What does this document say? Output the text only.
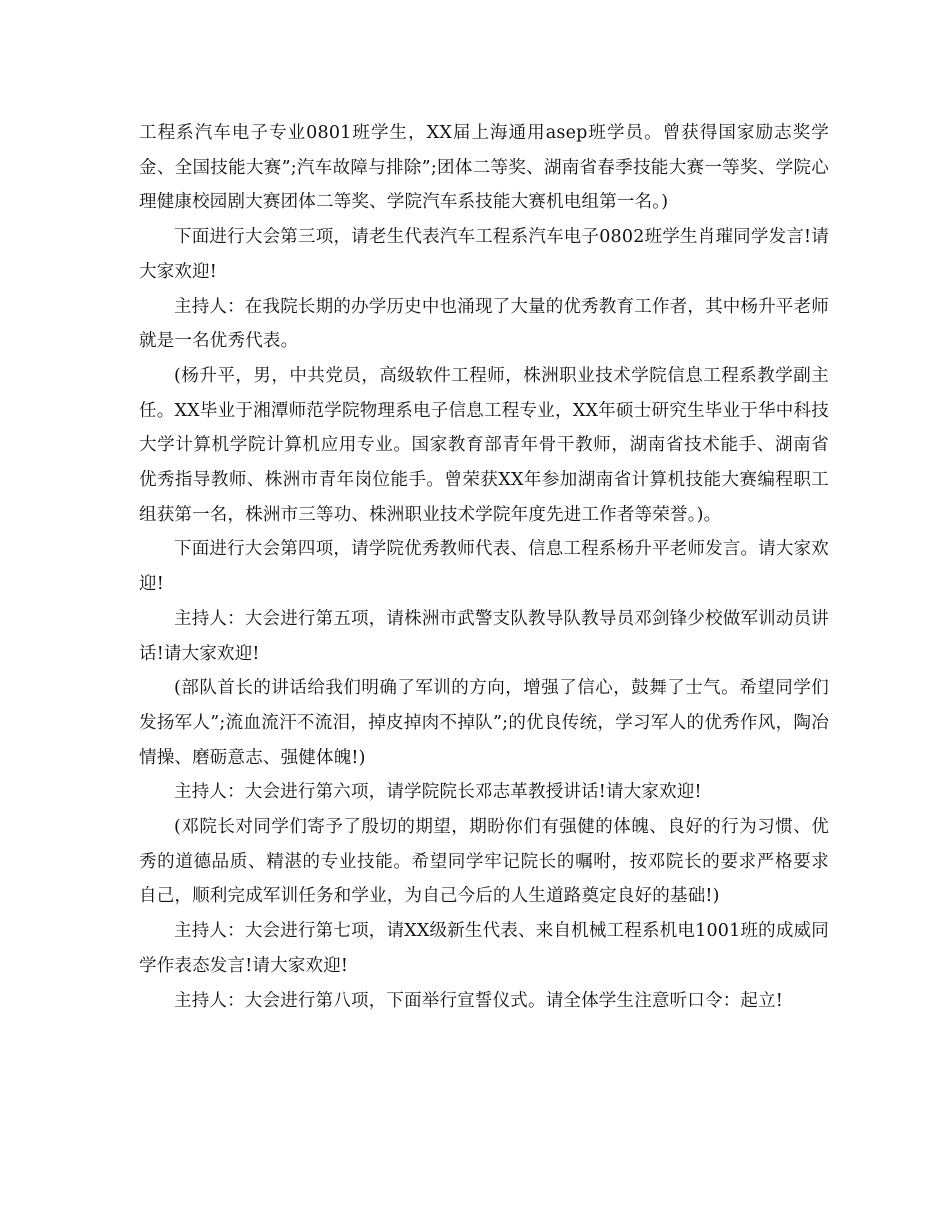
工程系汽车电子专业0801班学生，XX届上海通用asep班学员。曾获得国家励志奖学金、全国技能大赛”;汽车故障与排除”;团体二等奖、湖南省春季技能大赛一等奖、学院心理健康校园剧大赛团体二等奖、学院汽车系技能大赛机电组第一名。)

下面进行大会第三项，请老生代表汽车工程系汽车电子0802班学生肖璀同学发言!请大家欢迎!

主持人：在我院长期的办学历史中也涌现了大量的优秀教育工作者，其中杨升平老师就是一名优秀代表。

(杨升平，男，中共党员，高级软件工程师，株洲职业技术学院信息工程系教学副主任。XX毕业于湘潭师范学院物理系电子信息工程专业，XX年硕士研究生毕业于华中科技大学计算机学院计算机应用专业。国家教育部青年骨干教师，湖南省技术能手、湖南省优秀指导教师、株洲市青年岗位能手。曾荣获XX年参加湖南省计算机技能大赛编程职工组获第一名，株洲市三等功、株洲职业技术学院年度先进工作者等荣誉。)。

下面进行大会第四项，请学院优秀教师代表、信息工程系杨升平老师发言。请大家欢迎!

主持人：大会进行第五项，请株洲市武警支队教导队教导员邓剑锋少校做军训动员讲话!请大家欢迎!

(部队首长的讲话给我们明确了军训的方向，增强了信心，鼓舞了士气。希望同学们发扬军人”;流血流汗不流泪，掉皮掉肉不掉队”;的优良传统，学习军人的优秀作风，陶冶情操、磨砺意志、强健体魄!)

主持人：大会进行第六项，请学院院长邓志革教授讲话!请大家欢迎!

(邓院长对同学们寄予了殷切的期望，期盼你们有强健的体魄、良好的行为习惯、优秀的道德品质、精湛的专业技能。希望同学牢记院长的嘱咐，按邓院长的要求严格要求自己，顺利完成军训任务和学业，为自己今后的人生道路奠定良好的基础!)

主持人：大会进行第七项，请XX级新生代表、来自机械工程系机电1001班的成威同学作表态发言!请大家欢迎!

主持人：大会进行第八项，下面举行宣誓仪式。请全体学生注意听口令：起立!
